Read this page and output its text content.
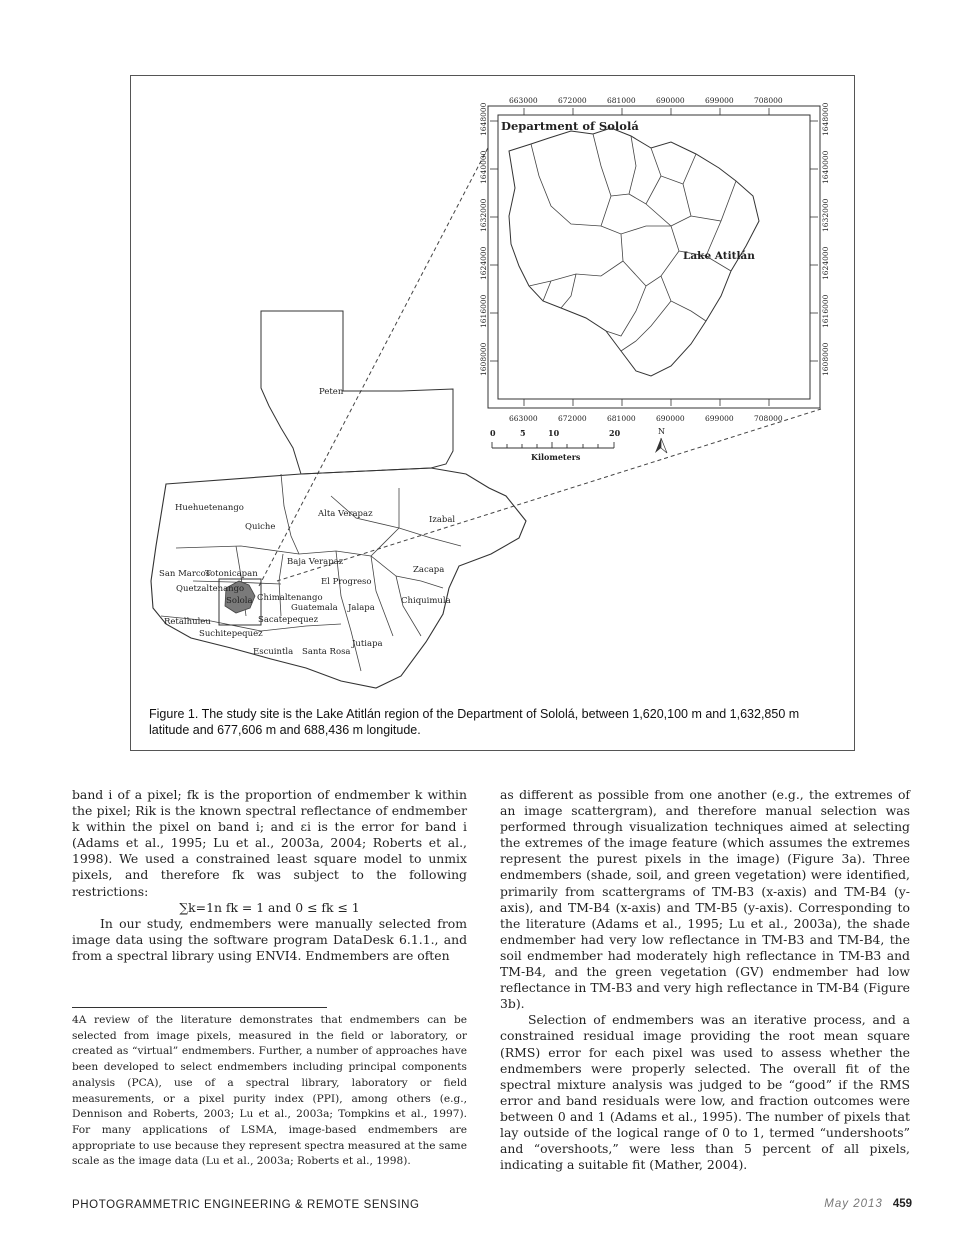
Peten
Huehuetenango
Quiche
Alta Verapaz
Izabal
Baja Verapaz
Zacapa
San Marcos
Totonicapan
El Progreso
Quetzaltenango
Solola Chimaltenango
Guatemala Jalapa
Chiquimula
Retalhuleu	Sacatepequez
Suchitepequez
Escuintla Santa Rosa
Jutiapa
663000	672000	681000	690000	699000	708000
663000	672000	681000	690000	699000	708000
1648000
1640000
1632000
1624000
1616000
1608000
1648000
1640000
1632000
1624000
1616000
1608000
Department of Sololá
Lake Atitlán
0	5	10	20
Kilometers
N
Figure 1. The study site is the Lake Atitlán region of the Department of Sololá, between 1,620,100 m and 1,632,850 m latitude and 677,606 m and 688,436 m longitude.

band i of a pixel; fk is the proportion of endmember k within the pixel; Rik is the known spectral reflectance of endmember k within the pixel on band i; and εi is the error for band i (Adams et al., 1995; Lu et al., 2003a, 2004; Roberts et al., 1998). We used a constrained least square model to unmix pixels, and therefore fk was subject to the following restrictions:

∑k=1n fk = 1 and 0 ≤ fk ≤ 1

In our study, endmembers were manually selected from image data using the software program DataDesk 6.1.1., and from a spectral library using ENVI4. Endmembers are often

4A review of the literature demonstrates that endmembers can be selected from image pixels, measured in the field or laboratory, or created as “virtual” endmembers. Further, a number of approaches have been developed to select endmembers including principal components analysis (PCA), use of a spectral library, laboratory or field measurements, or a pixel purity index (PPI), among others (e.g., Dennison and Roberts, 2003; Lu et al., 2003a; Tompkins et al., 1997). For many applications of LSMA, image-based endmembers are appropriate to use because they represent spectra measured at the same scale as the image data (Lu et al., 2003a; Roberts et al., 1998).

as different as possible from one another (e.g., the extremes of an image scattergram), and therefore manual selection was performed through visualization techniques aimed at selecting the extremes of the image feature (which assumes the extremes represent the purest pixels in the image) (Figure 3a). Three endmembers (shade, soil, and green vegetation) were identified, primarily from scattergrams of TM-B3 (x-axis) and TM-B4 (y-axis), and TM-B4 (x-axis) and TM-B5 (y-axis). Corresponding to the literature (Adams et al., 1995; Lu et al., 2003a), the shade endmember had very low reflectance in TM-B3 and TM-B4, the soil endmember had moderately high reflectance in TM-B3 and TM-B4, and the green vegetation (GV) endmember had low reflectance in TM-B3 and very high reflectance in TM-B4 (Figure 3b).

Selection of endmembers was an iterative process, and a constrained residual image providing the root mean square (RMS) error for each pixel was used to assess whether the endmembers were properly selected. The overall fit of the spectral mixture analysis was judged to be “good” if the RMS error and band residuals were low, and fraction outcomes were between 0 and 1 (Adams et al., 1995). The number of pixels that lay outside of the logical range of 0 to 1, termed “undershoots” and “overshoots,” were less than 5 percent of all pixels, indicating a suitable fit (Mather, 2004).

PHOTOGRAMMETRIC ENGINEERING & REMOTE SENSING	May 2013 459
